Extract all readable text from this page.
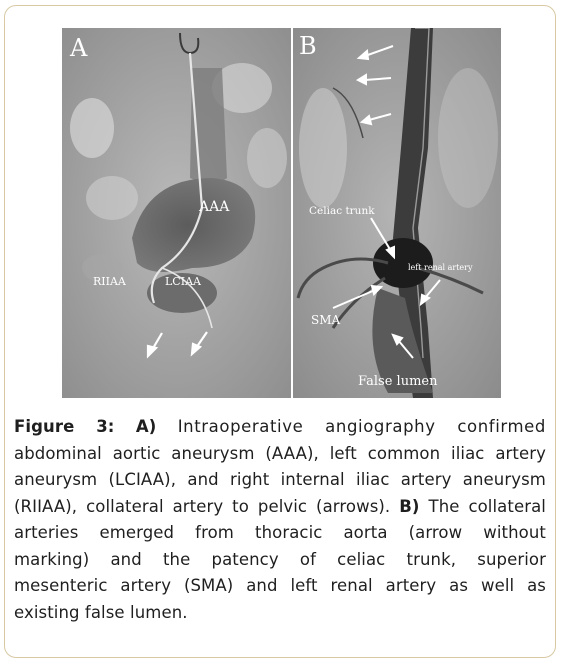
A
AAA
RIIAA	LCIAA
B
Celiac trunk
left renal artery
SMA
False lumen
Figure 3: A) Intraoperative angiography confirmed
abdominal aortic aneurysm (AAA), left common iliac artery
aneurysm (LCIAA), and right internal iliac artery aneurysm
(RIIAA), collateral artery to pelvic (arrows). B) The collateral
arteries emerged from thoracic aorta (arrow without
marking) and the patency of celiac trunk, superior
mesenteric artery (SMA) and left renal artery as well as
existing false lumen.
